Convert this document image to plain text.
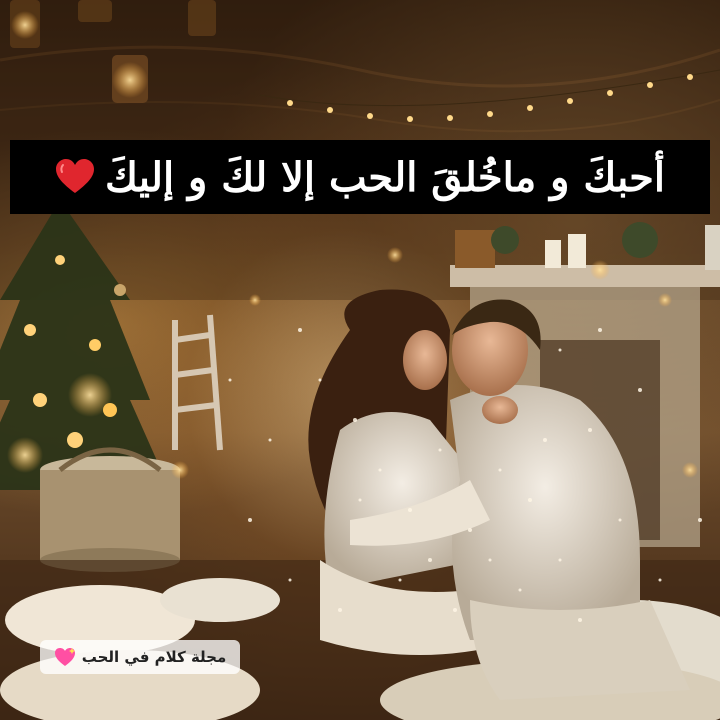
أحبكَ و ماخُلقَ الحب إلا لكَ و إليكَ
مجلة كلام في الحب
